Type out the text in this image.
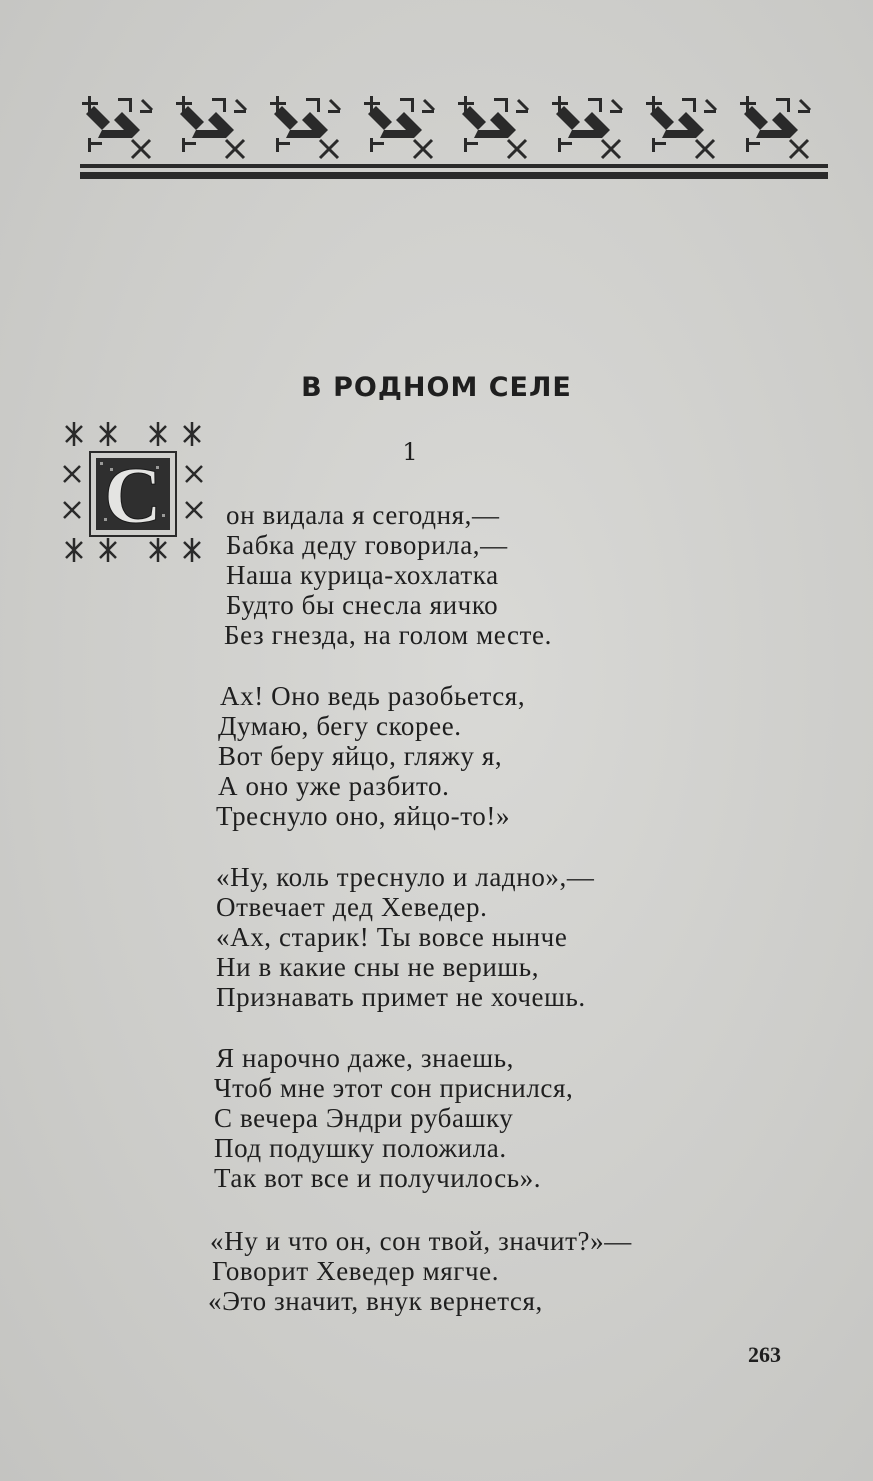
В РОДНОМ СЕЛЕ
1
С он видала я сегодня,—
Бабка деду говорила,—
Наша курица-хохлатка
Будто бы снесла яичко
Без гнезда, на голом месте.
Ах! Оно ведь разобьется,
Думаю, бегу скорее.
Вот беру яйцо, гляжу я,
А оно уже разбито.
Треснуло оно, яйцо-то!»
«Ну, коль треснуло и ладно»,—
Отвечает дед Хеведер.
«Ах, старик! Ты вовсе нынче
Ни в какие сны не веришь,
Признавать примет не хочешь.
Я нарочно даже, знаешь,
Чтоб мне этот сон приснился,
С вечера Эндри рубашку
Под подушку положила.
Так вот все и получилось».
«Ну и что он, сон твой, значит?»—
Говорит Хеведер мягче.
«Это значит, внук вернется,
263
